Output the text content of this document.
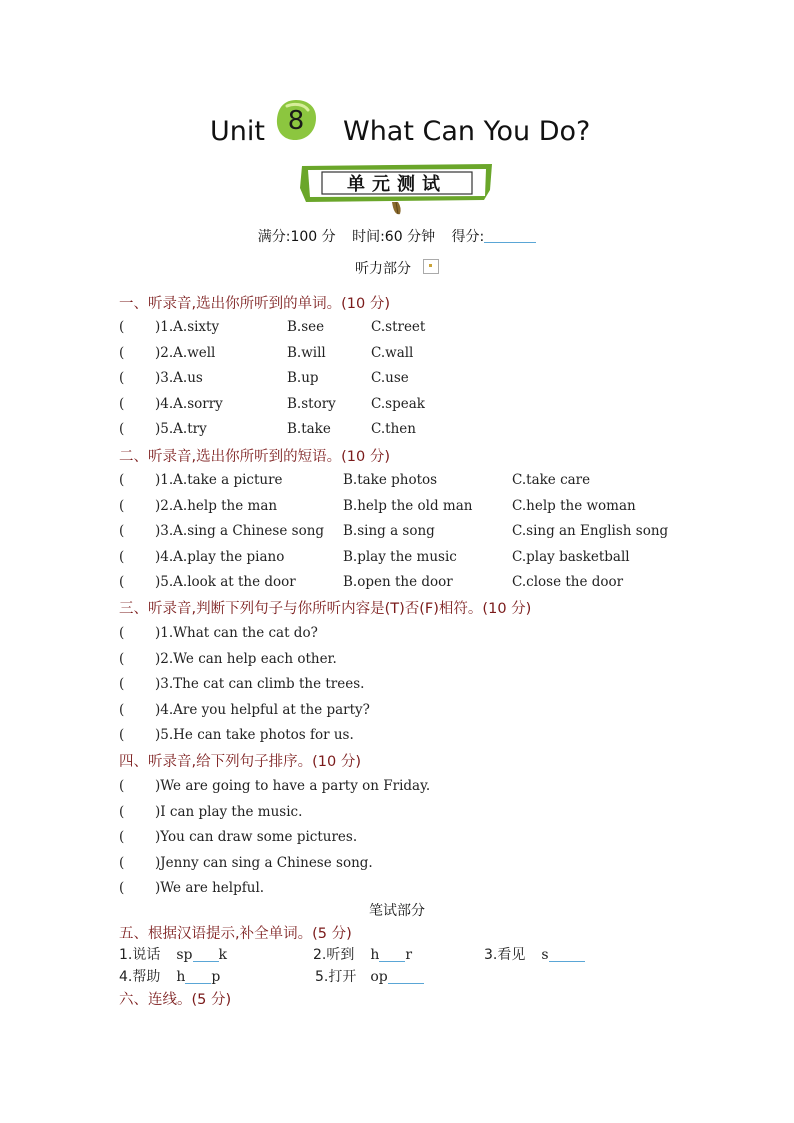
Unit 8 What Can You Do?
单元测试
满分:100 分 时间:60 分钟 得分:
听力部分
一、听录音,选出你所听到的单词。(10 分)
( )1.A.sixty	B.see	C.street
( )2.A.well	B.will	C.wall
( )3.A.us	B.up	C.use
( )4.A.sorry	B.story	C.speak
( )5.A.try	B.take	C.then
二、听录音,选出你所听到的短语。(10 分)
( )1.A.take a picture	B.take photos	C.take care
( )2.A.help the man	B.help the old man	C.help the woman
( )3.A.sing a Chinese song B.sing a song	C.sing an English song
( )4.A.play the piano	B.play the music	C.play basketball
( )5.A.look at the door	B.open the door	C.close the door
三、听录音,判断下列句子与你所听内容是(T)否(F)相符。(10 分)
( )1.What can the cat do?
( )2.We can help each other.
( )3.The cat can climb the trees.
( )4.Are you helpful at the party?
( )5.He can take photos for us.
四、听录音,给下列句子排序。(10 分)
( )We are going to have a party on Friday.
( )I can play the music.
( )You can draw some pictures.
( )Jenny can sing a Chinese song.
( )We are helpful.
笔试部分
五、根据汉语提示,补全单词。(5 分)
1.说话 sp k	2.听到 h r	3.看见 s
4.帮助 h p	5.打开 op
六、连线。(5 分)
